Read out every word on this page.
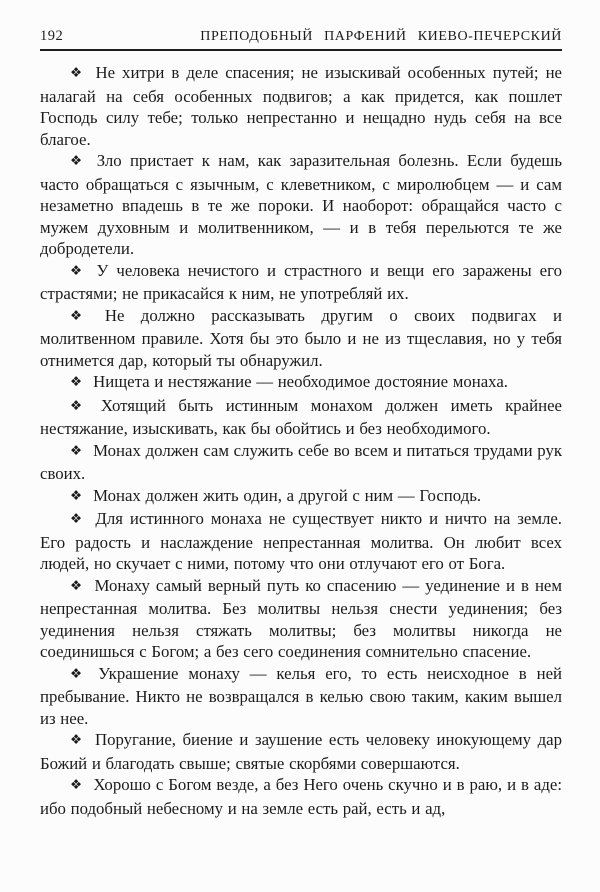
192	ПРЕПОДОБНЫЙ ПАРФЕНИЙ КИЕВО-ПЕЧЕРСКИЙ

❖ Не хитри в деле спасения; не изыскивай особенных путей; не налагай на себя особенных подвигов; а как придется, как пошлет Господь силу тебе; только непрестанно и нещадно нудь себя на все благое.

❖ Зло пристает к нам, как заразительная болезнь. Если будешь часто обращаться с язычным, с клеветником, с миролюбцем — и сам незаметно впадешь в те же пороки. И наоборот: обращайся часто с мужем духовным и молитвенником, — и в тебя перельются те же добродетели.

❖ У человека нечистого и страстного и вещи его заражены его страстями; не прикасайся к ним, не употребляй их.

❖ Не должно рассказывать другим о своих подвигах и молитвенном правиле. Хотя бы это было и не из тщеславия, но у тебя отнимется дар, который ты обнаружил.

❖ Нищета и нестяжание — необходимое достояние монаха.

❖ Хотящий быть истинным монахом должен иметь крайнее нестяжание, изыскивать, как бы обойтись и без необходимого.

❖ Монах должен сам служить себе во всем и питаться трудами рук своих.

❖ Монах должен жить один, а другой с ним — Господь.

❖ Для истинного монаха не существует никто и ничто на земле. Его радость и наслаждение непрестанная молитва. Он любит всех людей, но скучает с ними, потому что они отлучают его от Бога.

❖ Монаху самый верный путь ко спасению — уединение и в нем непрестанная молитва. Без молитвы нельзя снести уединения; без уединения нельзя стяжать молитвы; без молитвы никогда не соединишься с Богом; а без сего соединения сомнительно спасение.

❖ Украшение монаху — келья его, то есть неисходное в ней пребывание. Никто не возвращался в келью свою таким, каким вышел из нее.

❖ Поругание, биение и заушение есть человеку инокующему дар Божий и благодать свыше; святые скорбями совершаются.

❖ Хорошо с Богом везде, а без Него очень скучно и в раю, и в аде: ибо подобный небесному и на земле есть рай, есть и ад,
